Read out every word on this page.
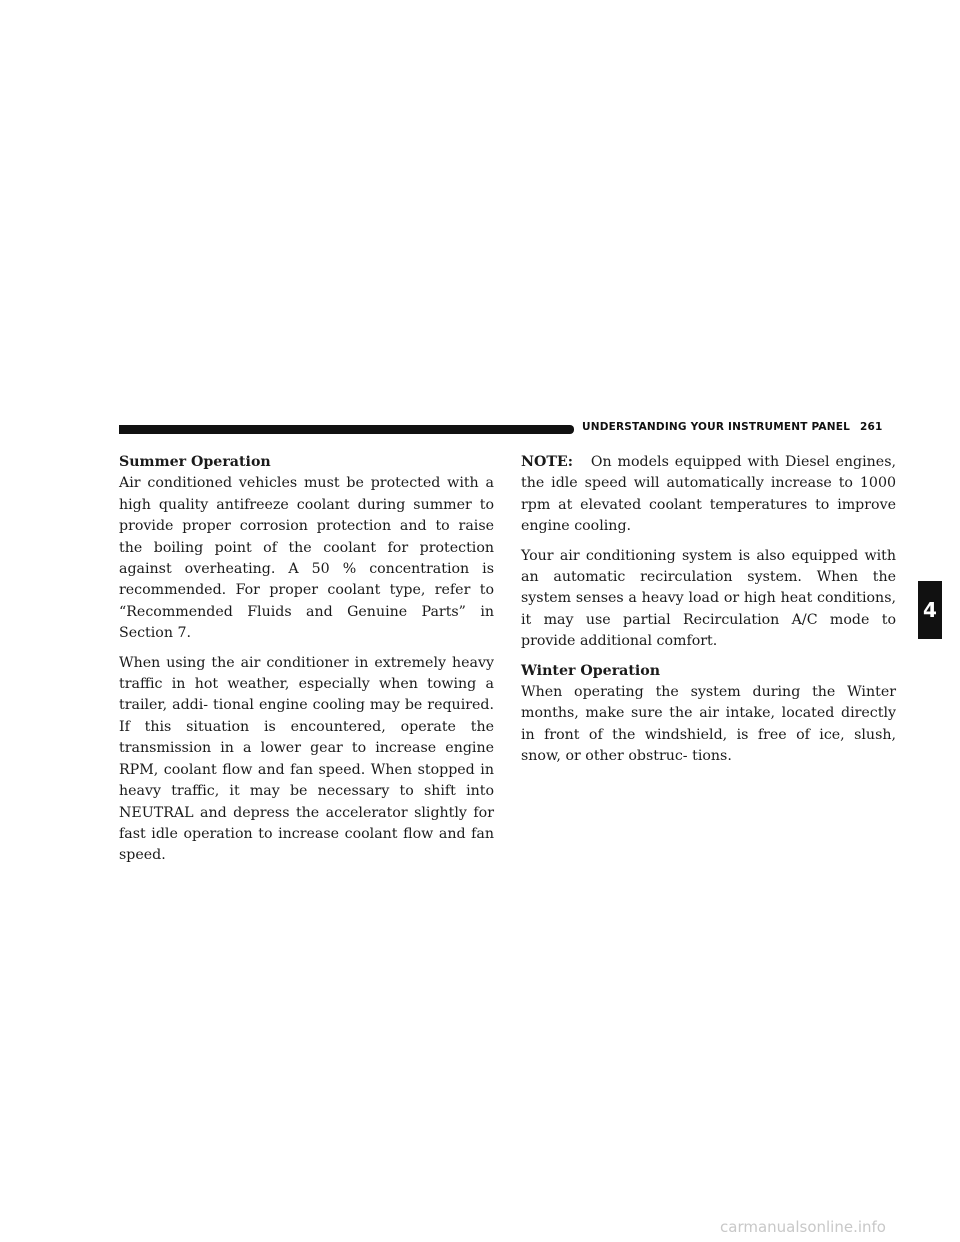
UNDERSTANDING YOUR INSTRUMENT PANEL 261
Summer Operation

Air conditioned vehicles must be protected with a high quality antifreeze coolant during summer to provide proper corrosion protection and to raise the boiling point of the coolant for protection against overheating. A 50 % concentration is recommended. For proper coolant type, refer to “Recommended Fluids and Genuine Parts” in Section 7.

When using the air conditioner in extremely heavy traffic in hot weather, especially when towing a trailer, addi- tional engine cooling may be required. If this situation is encountered, operate the transmission in a lower gear to increase engine RPM, coolant flow and fan speed. When stopped in heavy traffic, it may be necessary to shift into NEUTRAL and depress the accelerator slightly for fast idle operation to increase coolant flow and fan speed.

NOTE: On models equipped with Diesel engines, the idle speed will automatically increase to 1000 rpm at elevated coolant temperatures to improve engine cooling.

Your air conditioning system is also equipped with an automatic recirculation system. When the system senses a heavy load or high heat conditions, it may use partial Recirculation A/C mode to provide additional comfort.

Winter Operation

When operating the system during the Winter months, make sure the air intake, located directly in front of the windshield, is free of ice, slush, snow, or other obstruc- tions.

4
carmanualsonline.info
